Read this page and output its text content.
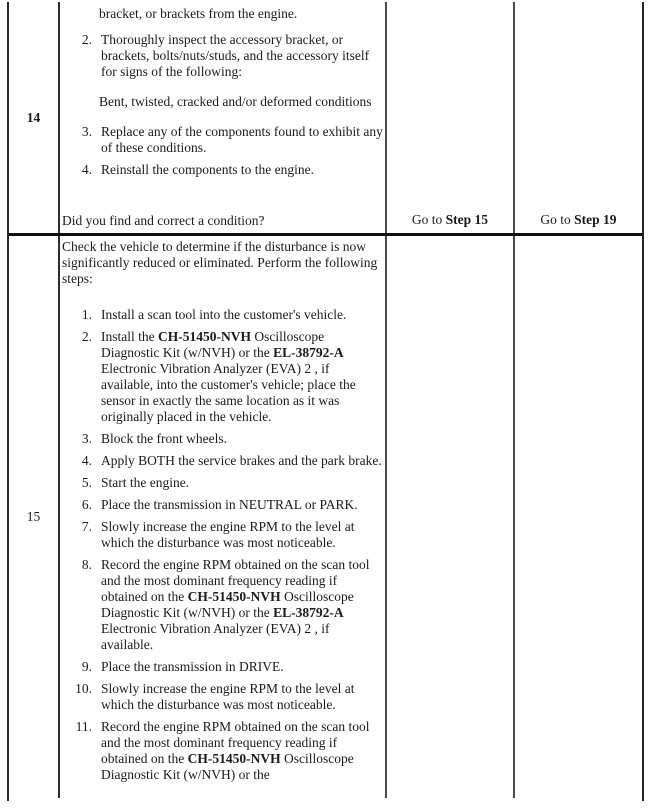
14

bracket, or brackets from the engine.

2. Thoroughly inspect the accessory bracket, or brackets, bolts/nuts/studs, and the accessory itself for signs of the following:

Bent, twisted, cracked and/or deformed conditions

3. Replace any of the components found to exhibit any of these conditions.
4. Reinstall the components to the engine.

Did you find and correct a condition?	Go to Step 15	Go to Step 19
15

Check the vehicle to determine if the disturbance is now significantly reduced or eliminated. Perform the following steps:

1. Install a scan tool into the customer's vehicle.
2. Install the CH-51450-NVH Oscilloscope Diagnostic Kit (w/NVH) or the EL-38792-A Electronic Vibration Analyzer (EVA) 2 , if available, into the customer's vehicle; place the sensor in exactly the same location as it was originally placed in the vehicle.
3. Block the front wheels.
4. Apply BOTH the service brakes and the park brake.
5. Start the engine.
6. Place the transmission in NEUTRAL or PARK.
7. Slowly increase the engine RPM to the level at which the disturbance was most noticeable.
8. Record the engine RPM obtained on the scan tool and the most dominant frequency reading if obtained on the CH-51450-NVH Oscilloscope Diagnostic Kit (w/NVH) or the EL-38792-A Electronic Vibration Analyzer (EVA) 2 , if available.
9. Place the transmission in DRIVE.
10. Slowly increase the engine RPM to the level at which the disturbance was most noticeable.
11. Record the engine RPM obtained on the scan tool and the most dominant frequency reading if obtained on the CH-51450-NVH Oscilloscope Diagnostic Kit (w/NVH) or the
